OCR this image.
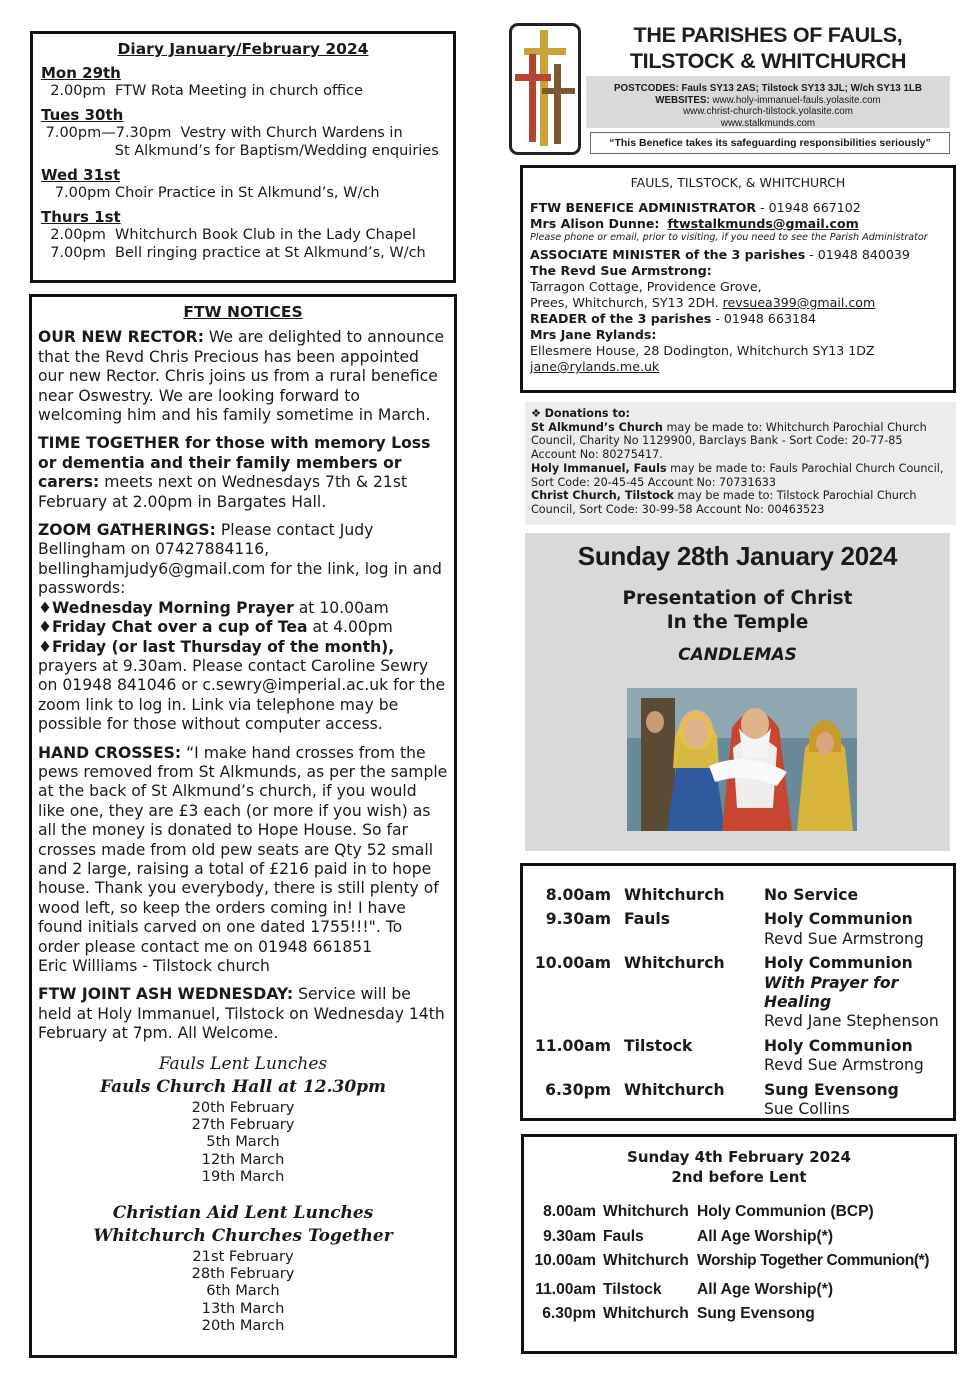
Diary January/February 2024
Mon 29th
2.00pm  FTW Rota Meeting in church office
Tues 30th
7.00pm—7.30pm  Vestry with Church Wardens in
St Alkmund’s for Baptism/Wedding enquiries
Wed 31st
7.00pm Choir Practice in St Alkmund’s, W/ch
Thurs 1st
2.00pm  Whitchurch Book Club in the Lady Chapel
7.00pm  Bell ringing practice at St Alkmund’s, W/ch
FTW NOTICES

OUR NEW RECTOR: We are delighted to announce that the Revd Chris Precious has been appointed our new Rector. Chris joins us from a rural benefice near Oswestry. We are looking forward to welcoming him and his family sometime in March.

TIME TOGETHER for those with memory Loss or dementia and their family members or carers: meets next on Wednesdays 7th & 21st February at 2.00pm in Bargates Hall.

ZOOM GATHERINGS: Please contact Judy Bellingham on 07427884116, bellinghamjudy6@gmail.com for the link, log in and passwords:
♦Wednesday Morning Prayer at 10.00am
♦Friday Chat over a cup of Tea at 4.00pm
♦Friday (or last Thursday of the month), prayers at 9.30am. Please contact Caroline Sewry on 01948 841046 or c.sewry@imperial.ac.uk for the zoom link to log in. Link via telephone may be possible for those without computer access.

HAND CROSSES: “I make hand crosses from the pews removed from St Alkmunds, as per the sample at the back of St Alkmund’s church, if you would like one, they are £3 each (or more if you wish) as all the money is donated to Hope House. So far crosses made from old pew seats are Qty 52 small and 2 large, raising a total of £216 paid in to hope house. Thank you everybody, there is still plenty of wood left, so keep the orders coming in! I have found initials carved on one dated 1755!!!". To order please contact me on 01948 661851
Eric Williams - Tilstock church

FTW JOINT ASH WEDNESDAY: Service will be held at Holy Immanuel, Tilstock on Wednesday 14th February at 7pm. All Welcome.

Fauls Lent Lunches
Fauls Church Hall at 12.30pm
20th February
27th February
5th March
12th March
19th March
Christian Aid Lent Lunches
Whitchurch Churches Together
21st February
28th February
6th March
13th March
20th March
THE PARISHES OF FAULS,
TILSTOCK & WHITCHURCH
POSTCODES: Fauls SY13 2AS; Tilstock SY13 3JL; W/ch SY13 1LB
WEBSITES: www.holy-immanuel-fauls.yolasite.com
www.christ-church-tilstock.yolasite.com
www.stalkmunds.com
“This Benefice takes its safeguarding responsibilities seriously”
FAULS, TILSTOCK, & WHITCHURCH
FTW BENEFICE ADMINISTRATOR - 01948 667102
Mrs Alison Dunne: ftwstalkmunds@gmail.com
Please phone or email, prior to visiting, if you need to see the Parish Administrator
ASSOCIATE MINISTER of the 3 parishes - 01948 840039
The Revd Sue Armstrong:
Tarragon Cottage, Providence Grove,
Prees, Whitchurch, SY13 2DH. revsuea399@gmail.com
READER of the 3 parishes - 01948 663184
Mrs Jane Rylands:
Ellesmere House, 28 Dodington, Whitchurch SY13 1DZ
jane@rylands.me.uk
❖ Donations to:
St Alkmund’s Church may be made to: Whitchurch Parochial Church Council, Charity No 1129900, Barclays Bank - Sort Code: 20-77-85 Account No: 80275417.
Holy Immanuel, Fauls may be made to: Fauls Parochial Church Council, Sort Code: 20-45-45 Account No: 70731633
Christ Church, Tilstock may be made to: Tilstock Parochial Church Council, Sort Code: 30-99-58 Account No: 00463523
Sunday 28th January 2024
Presentation of Christ
In the Temple
CANDLEMAS
8.00am Whitchurch	No Service
9.30am Fauls	Holy Communion
Revd Sue Armstrong
10.00am Whitchurch	Holy Communion
With Prayer for Healing
Revd Jane Stephenson
11.00am Tilstock	Holy Communion
Revd Sue Armstrong
6.30pm Whitchurch	Sung Evensong
Sue Collins
Sunday 4th February 2024
2nd before Lent
8.00am Whitchurch Holy Communion (BCP)
9.30am Fauls	All Age Worship(*)
10.00am Whitchurch Worship Together Communion(*)
11.00am Tilstock All Age Worship(*)
6.30pm Whitchurch Sung Evensong
